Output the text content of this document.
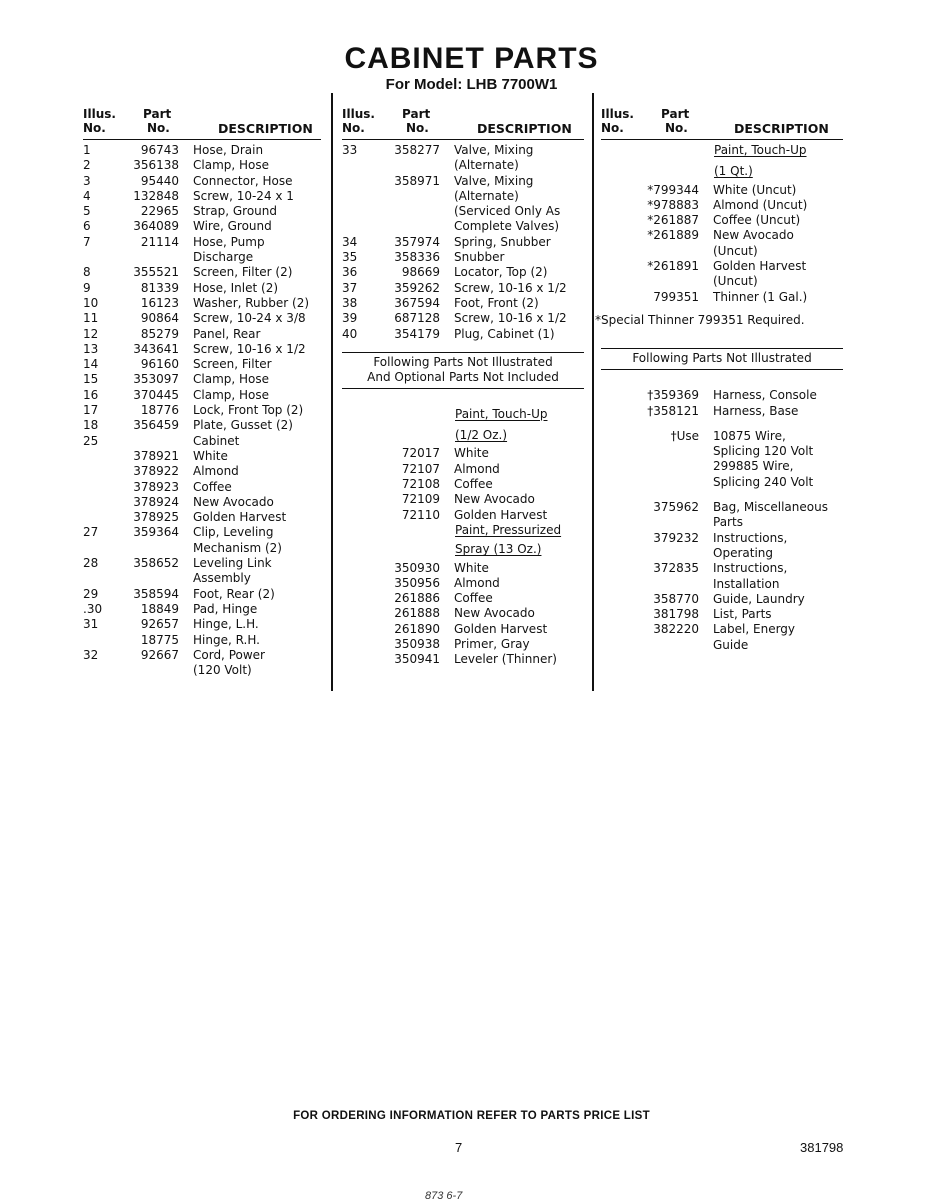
CABINET PARTS
For Model: LHB 7700W1
Illus.
No.
Part
No.	DESCRIPTION
1	96743 Hose, Drain
2	356138 Clamp, Hose
3	95440 Connector, Hose
4	132848 Screw, 10-24 x 1
5	22965 Strap, Ground
6	364089 Wire, Ground
7	21114 Hose, Pump
Discharge
8	355521 Screen, Filter (2)
9	81339 Hose, Inlet (2)
10	16123 Washer, Rubber (2)
11	90864 Screw, 10-24 x 3/8
12	85279 Panel, Rear
13	343641 Screw, 10-16 x 1/2
14	96160 Screen, Filter
15	353097 Clamp, Hose
16	370445 Clamp, Hose
17	18776 Lock, Front Top (2)
18	356459 Plate, Gusset (2)
25	Cabinet
378921 White
378922 Almond
378923 Coffee
378924 New Avocado
378925 Golden Harvest
27	359364 Clip, Leveling
Mechanism (2)
28	358652 Leveling Link
Assembly
29	358594 Foot, Rear (2)
.30	18849 Pad, Hinge
31	92657 Hinge, L.H.
18775 Hinge, R.H.
32	92667 Cord, Power
(120 Volt)
Illus.
No.
Part
No.	DESCRIPTION
33	358277 Valve, Mixing
(Alternate)
358971 Valve, Mixing
(Alternate)
(Serviced Only As
Complete Valves)
34	357974 Spring, Snubber
35	358336 Snubber
36	98669 Locator, Top (2)
37	359262 Screw, 10-16 x 1/2
38	367594 Foot, Front (2)
39	687128 Screw, 10-16 x 1/2
40	354179 Plug, Cabinet (1)
Following Parts Not Illustrated
And Optional Parts Not Included
Paint, Touch-Up
(1/2 Oz.)
72017 White
72107 Almond
72108 Coffee
72109 New Avocado
72110 Golden Harvest
Paint, Pressurized
Spray (13 Oz.)
350930 White
350956 Almond
261886 Coffee
261888 New Avocado
261890 Golden Harvest
350938 Primer, Gray
350941 Leveler (Thinner)
Illus.
No.
Part
No.	DESCRIPTION
Paint, Touch-Up
(1 Qt.)
*799344 White (Uncut)
*978883 Almond (Uncut)
*261887 Coffee (Uncut)
*261889 New Avocado
(Uncut)
*261891 Golden Harvest
(Uncut)
799351 Thinner (1 Gal.)
*Special Thinner 799351 Required.
Following Parts Not Illustrated
†359369 Harness, Console
†358121 Harness, Base
†Use 10875 Wire,
Splicing 120 Volt
299885 Wire,
Splicing 240 Volt
375962 Bag, Miscellaneous
Parts
379232 Instructions,
Operating
372835 Instructions,
Installation
358770 Guide, Laundry
381798 List, Parts
382220 Label, Energy
Guide
FOR ORDERING INFORMATION REFER TO PARTS PRICE LIST
7	381798
873 6-7
